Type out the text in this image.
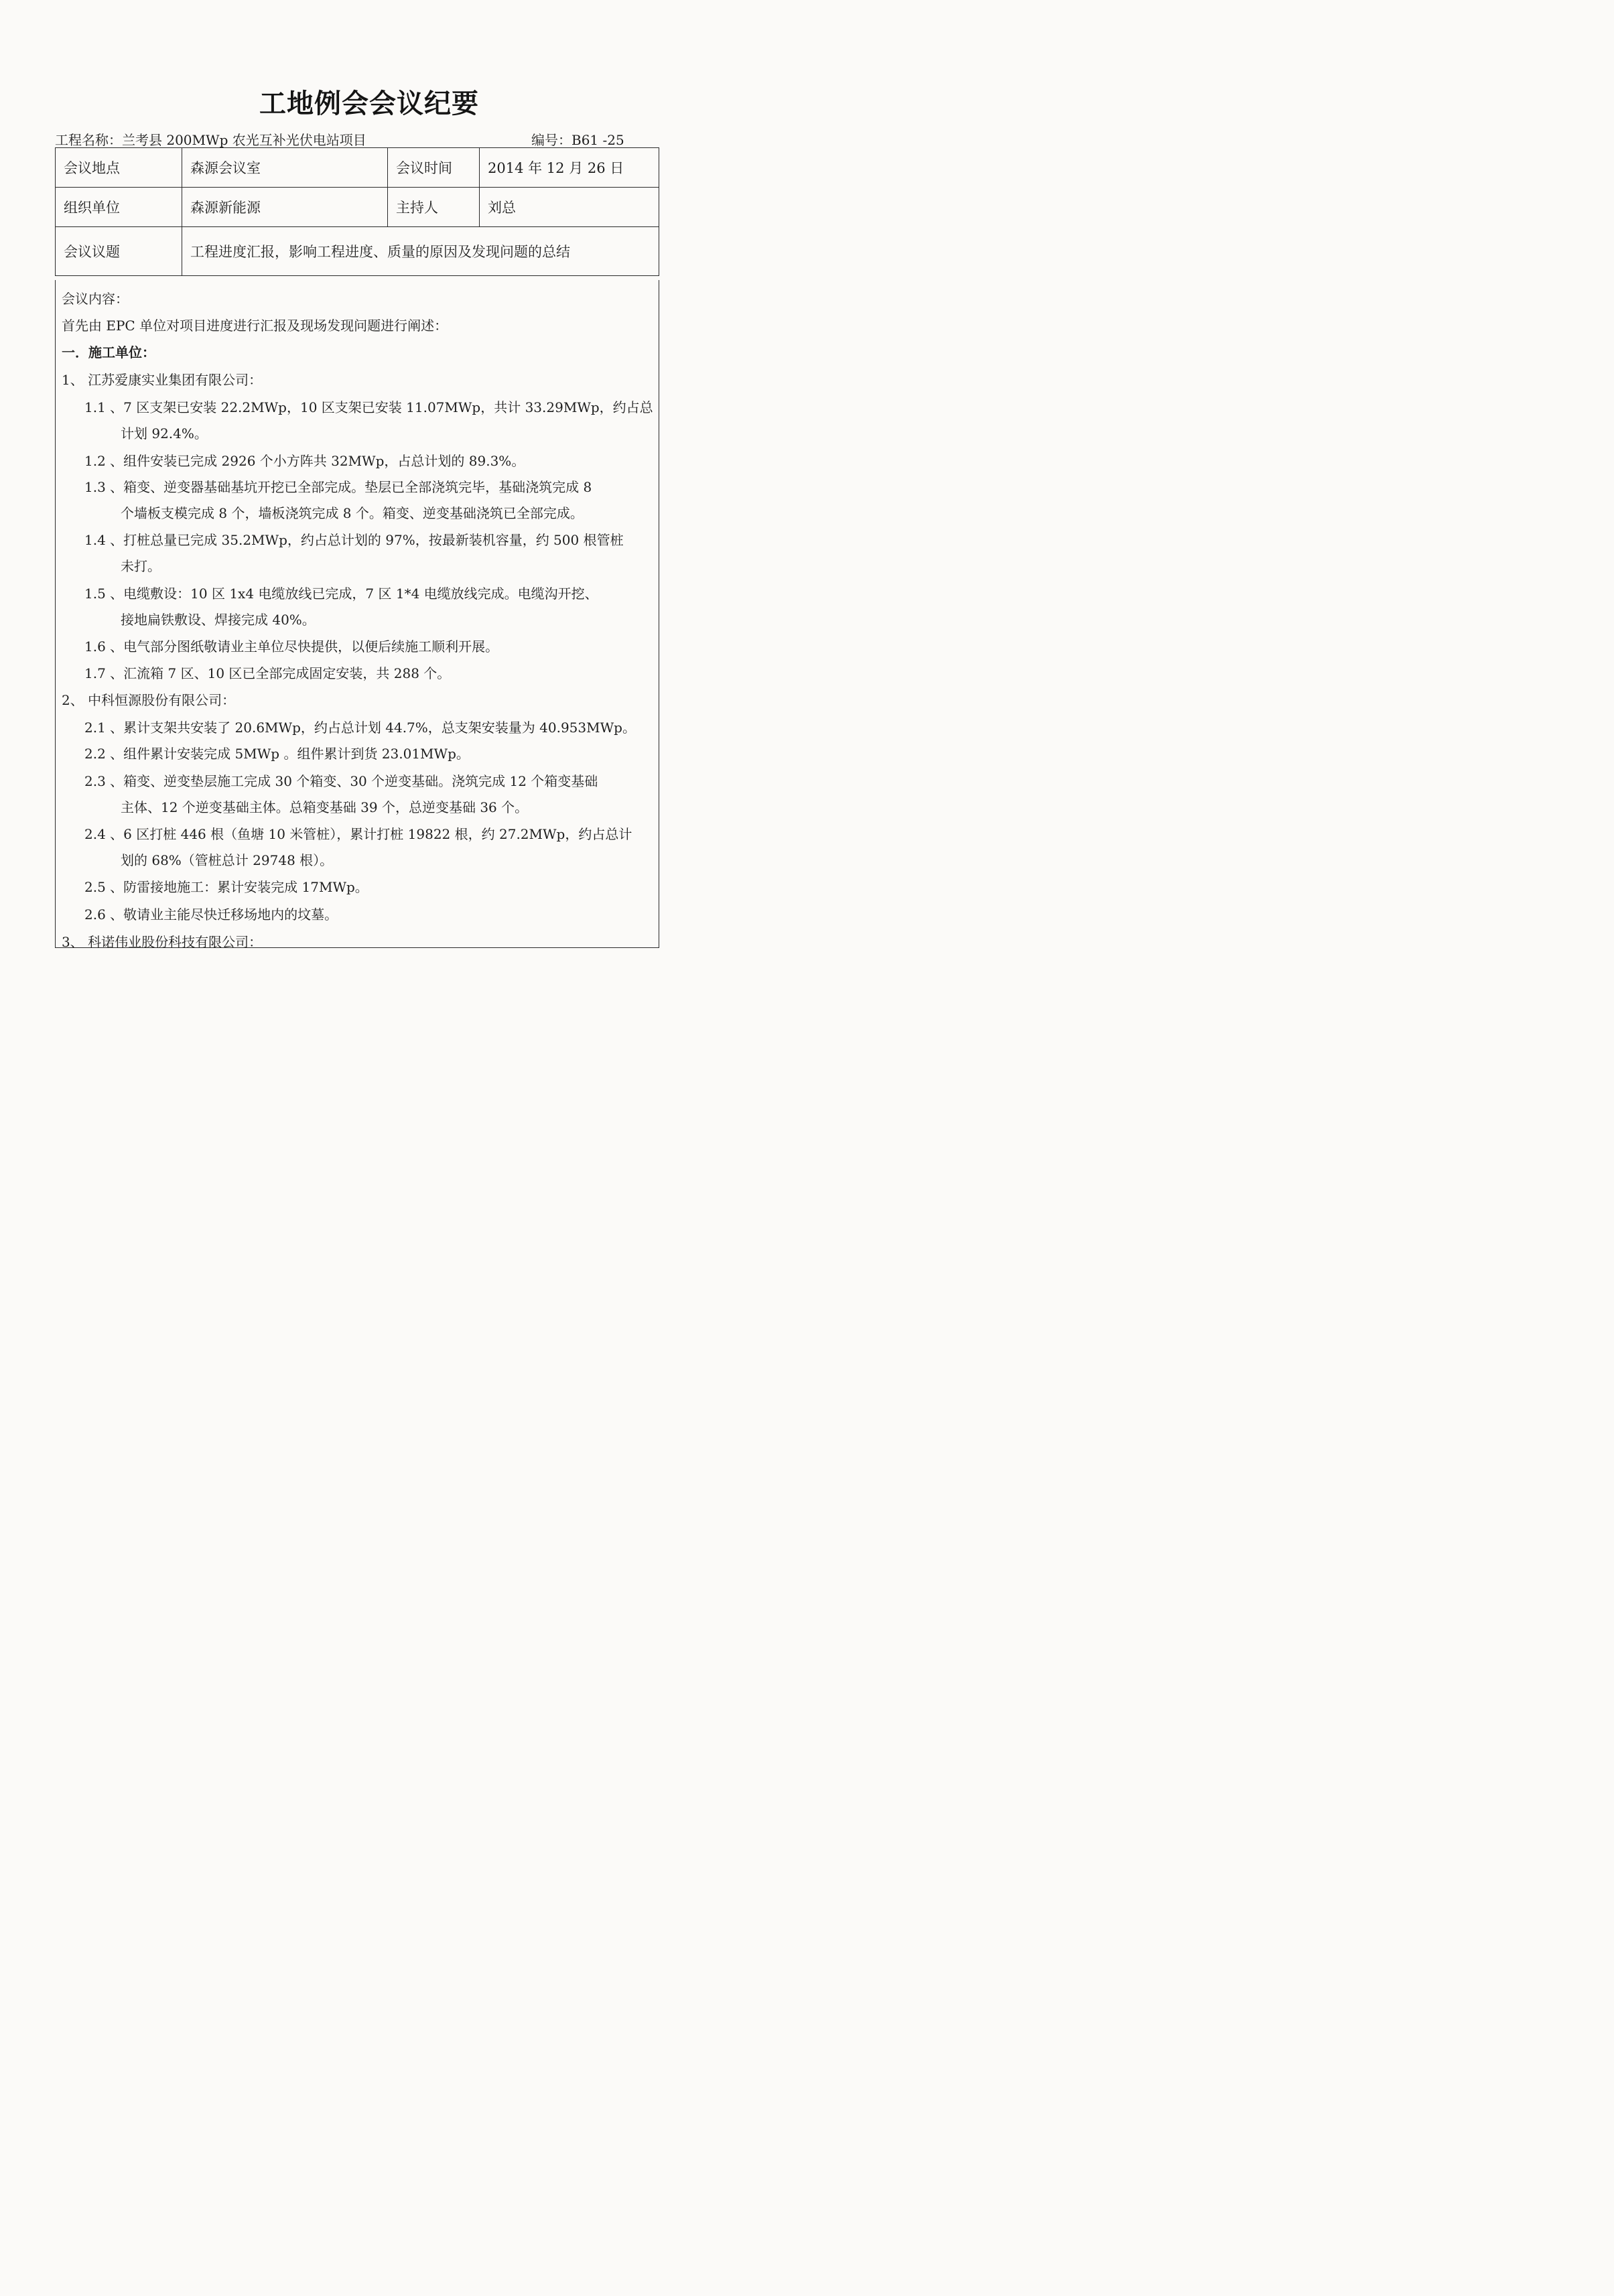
工地例会会议纪要
工程名称：兰考县 200MWp 农光互补光伏电站项目	编号：B61 -25
会议地点	森源会议室	会议时间	2014 年 12 月 26 日
组织单位	森源新能源	主持人	刘总
会议议题	工程进度汇报，影响工程进度、质量的原因及发现问题的总结		
会议内容：
首先由 EPC 单位对项目进度进行汇报及现场发现问题进行阐述：
一．施工单位：
1、 江苏爱康实业集团有限公司：
1.1 、7 区支架已安装 22.2MWp，10 区支架已安装 11.07MWp，共计 33.29MWp，约占总
计划 92.4%。
1.2 、组件安装已完成 2926 个小方阵共 32MWp，占总计划的 89.3%。
1.3 、箱变、逆变器基础基坑开挖已全部完成。垫层已全部浇筑完毕，基础浇筑完成 8
个墙板支模完成 8 个，墙板浇筑完成 8 个。箱变、逆变基础浇筑已全部完成。
1.4 、打桩总量已完成 35.2MWp，约占总计划的 97%，按最新装机容量，约 500 根管桩
未打。
1.5 、电缆敷设：10 区 1x4 电缆放线已完成，7 区 1*4 电缆放线完成。电缆沟开挖、
接地扁铁敷设、焊接完成 40%。
1.6 、电气部分图纸敬请业主单位尽快提供，以便后续施工顺利开展。
1.7 、汇流箱 7 区、10 区已全部完成固定安装，共 288 个。
2、 中科恒源股份有限公司：
2.1 、累计支架共安装了 20.6MWp，约占总计划 44.7%，总支架安装量为 40.953MWp。
2.2 、组件累计安装完成 5MWp 。组件累计到货 23.01MWp。
2.3 、箱变、逆变垫层施工完成 30 个箱变、30 个逆变基础。浇筑完成 12 个箱变基础
主体、12 个逆变基础主体。总箱变基础 39 个，总逆变基础 36 个。
2.4 、6 区打桩 446 根（鱼塘 10 米管桩），累计打桩 19822 根，约 27.2MWp，约占总计
划的 68%（管桩总计 29748 根）。
2.5 、防雷接地施工：累计安装完成 17MWp。
2.6 、敬请业主能尽快迁移场地内的坟墓。
3、 科诺伟业股份科技有限公司：
